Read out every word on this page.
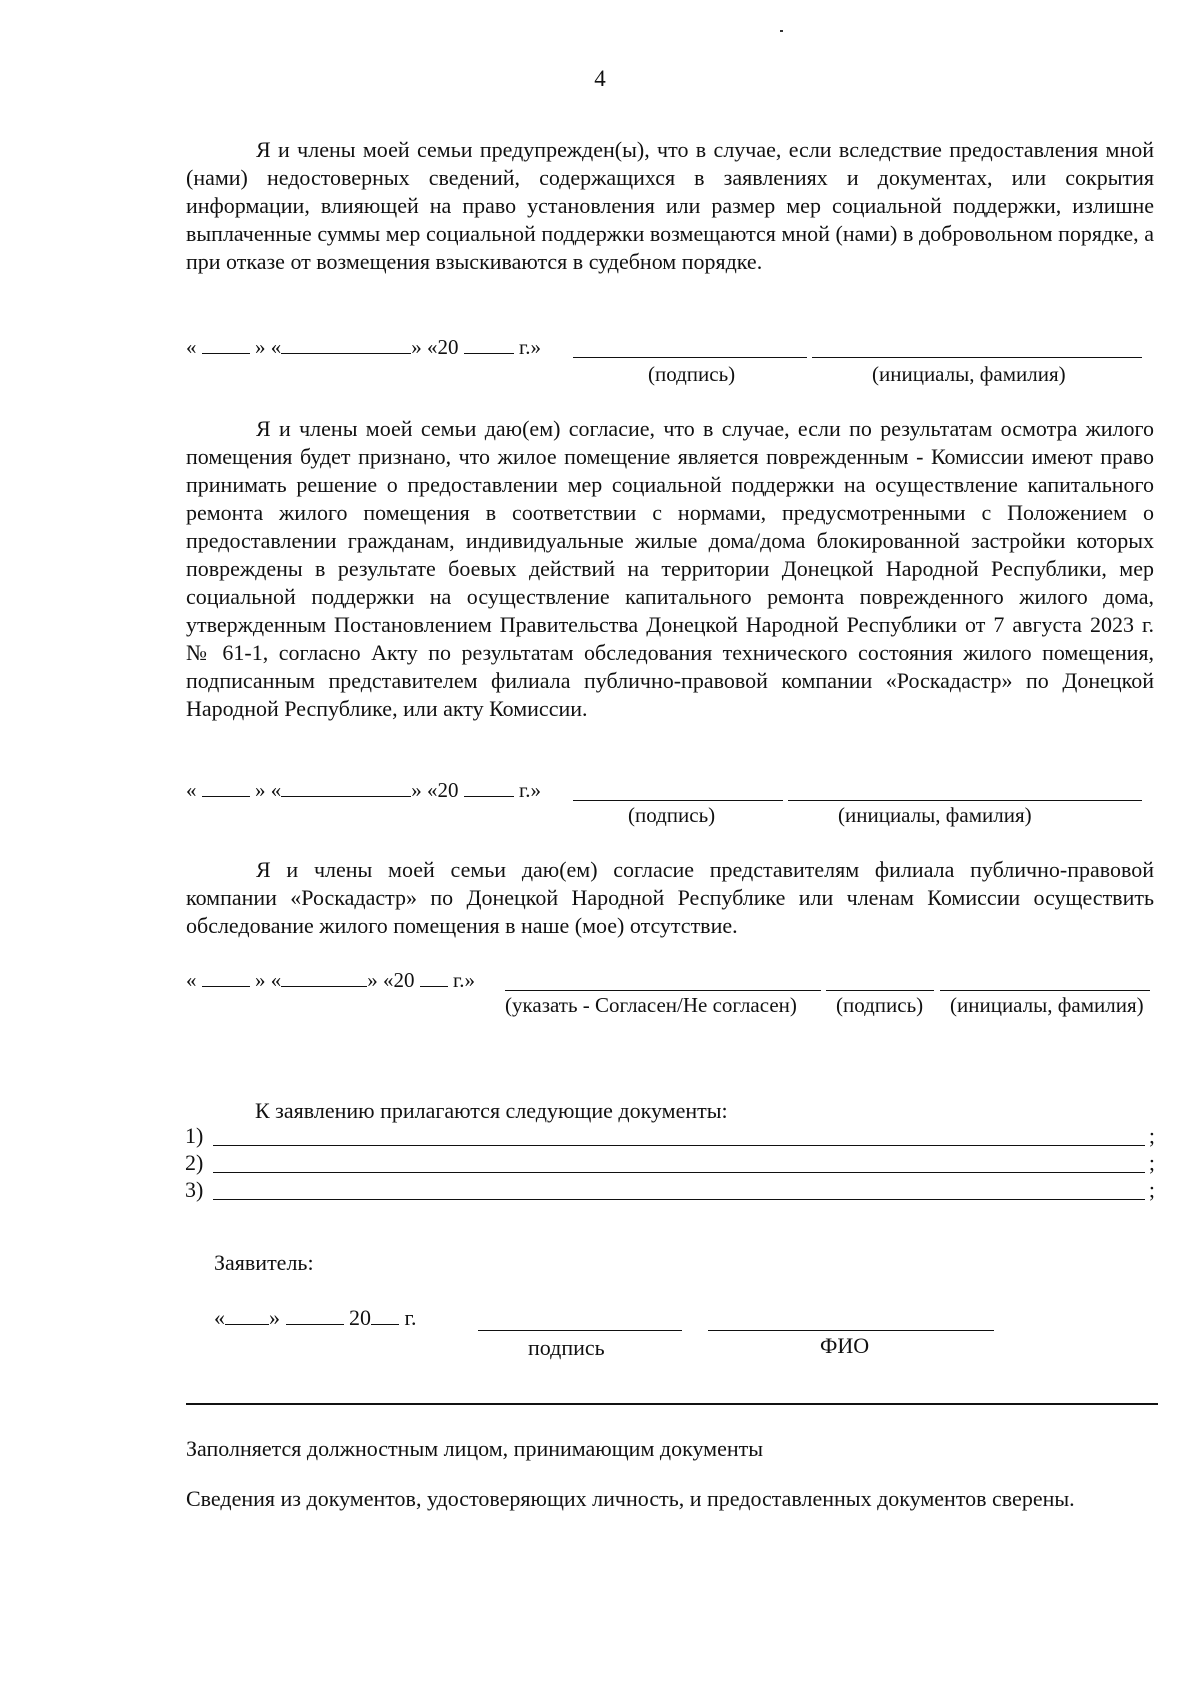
4

Я и члены моей семьи предупрежден(ы), что в случае, если вследствие предоставления мной (нами) недостоверных сведений, содержащихся в заявлениях и документах, или сокрытия информации, влияющей на право установления или размер мер социальной поддержки, излишне выплаченные суммы мер социальной поддержки возмещаются мной (нами) в добровольном порядке, а при отказе от возмещения взыскиваются в судебном порядке.

«	» «	» «20	г.»
(подпись)	(инициалы, фамилия)

Я и члены моей семьи даю(ем) согласие, что в случае, если по результатам осмотра жилого помещения будет признано, что жилое помещение является поврежденным - Комиссии имеют право принимать решение о предоставлении мер социальной поддержки на осуществление капитального ремонта жилого помещения в соответствии с нормами, предусмотренными с Положением о предоставлении гражданам, индивидуальные жилые дома/дома блокированной застройки которых повреждены в результате боевых действий на территории Донецкой Народной Республики, мер социальной поддержки на осуществление капитального ремонта поврежденного жилого дома, утвержденным Постановлением Правительства Донецкой Народной Республики от 7 августа 2023 г. № 61-1, согласно Акту по результатам обследования технического состояния жилого помещения, подписанным представителем филиала публично-правовой компании «Роскадастр» по Донецкой Народной Республике, или акту Комиссии.

«	» «	» «20	г.»
(подпись)	(инициалы, фамилия)

Я и члены моей семьи даю(ем) согласие представителям филиала публично-правовой компании «Роскадастр» по Донецкой Народной Республике или членам Комиссии осуществить обследование жилого помещения в наше (мое) отсутствие.

«	» «	» «20 г.»
(указать - Согласен/Не согласен) (подпись) (инициалы, фамилия)
К заявлению прилагаются следующие документы:
1)	;
2)	;
3)	;
Заявитель:
« »	20 г.
подпись	ФИО
Заполняется должностным лицом, принимающим документы

Сведения из документов, удостоверяющих личность, и предоставленных документов сверены.
